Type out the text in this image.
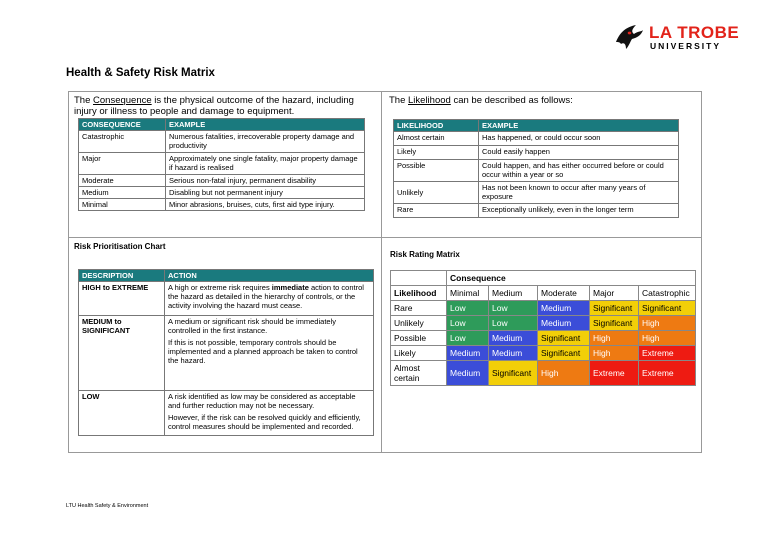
LA TROBE
UNIVERSITY
Health & Safety Risk Matrix
The Consequence is the physical outcome of the hazard, including injury or illness to people and damage to equipment.
CONSEQUENCE	EXAMPLE
Catastrophic	Numerous fatalities, irrecoverable property damage and productivity
Major	Approximately one single fatality, major property damage if hazard is realised
Moderate	Serious non-fatal injury, permanent disability
Medium	Disabling but not permanent injury
Minimal	Minor abrasions, bruises, cuts, first aid type injury.
The Likelihood can be described as follows:
LIKELIHOOD	EXAMPLE
Almost certain	Has happened, or could occur soon
Likely	Could easily happen
Possible	Could happen, and has either occurred before or could occur within a year or so
Unlikely	Has not been known to occur after many years of exposure
Rare	Exceptionally unlikely, even in the longer term
Risk Prioritisation Chart
DESCRIPTION	ACTION
HIGH to EXTREME	A high or extreme risk requires immediate action to control the hazard as detailed in the hierarchy of controls, or the activity involving the hazard must cease.
MEDIUM to SIGNIFICANT	A medium or significant risk should be immediately controlled in the first instance.

If this is not possible, temporary controls should be implemented and a planned approach be taken to control the hazard.

LOW	A risk identified as low may be considered as acceptable and further reduction may not be necessary.

However, if the risk can be resolved quickly and efficiently, control measures should be implemented and recorded.

Risk Rating Matrix
	Consequence				
Likelihood	Minimal	Medium	Moderate	Major	Catastrophic
Rare	Low	Low	Medium	Significant	Significant
Unlikely	Low	Low	Medium	Significant	High
Possible	Low	Medium	Significant	High	High
Likely	Medium	Medium	Significant	High	Extreme
Almost certain	Medium	Significant	High	Extreme	Extreme
LTU Health Safety & Environment
